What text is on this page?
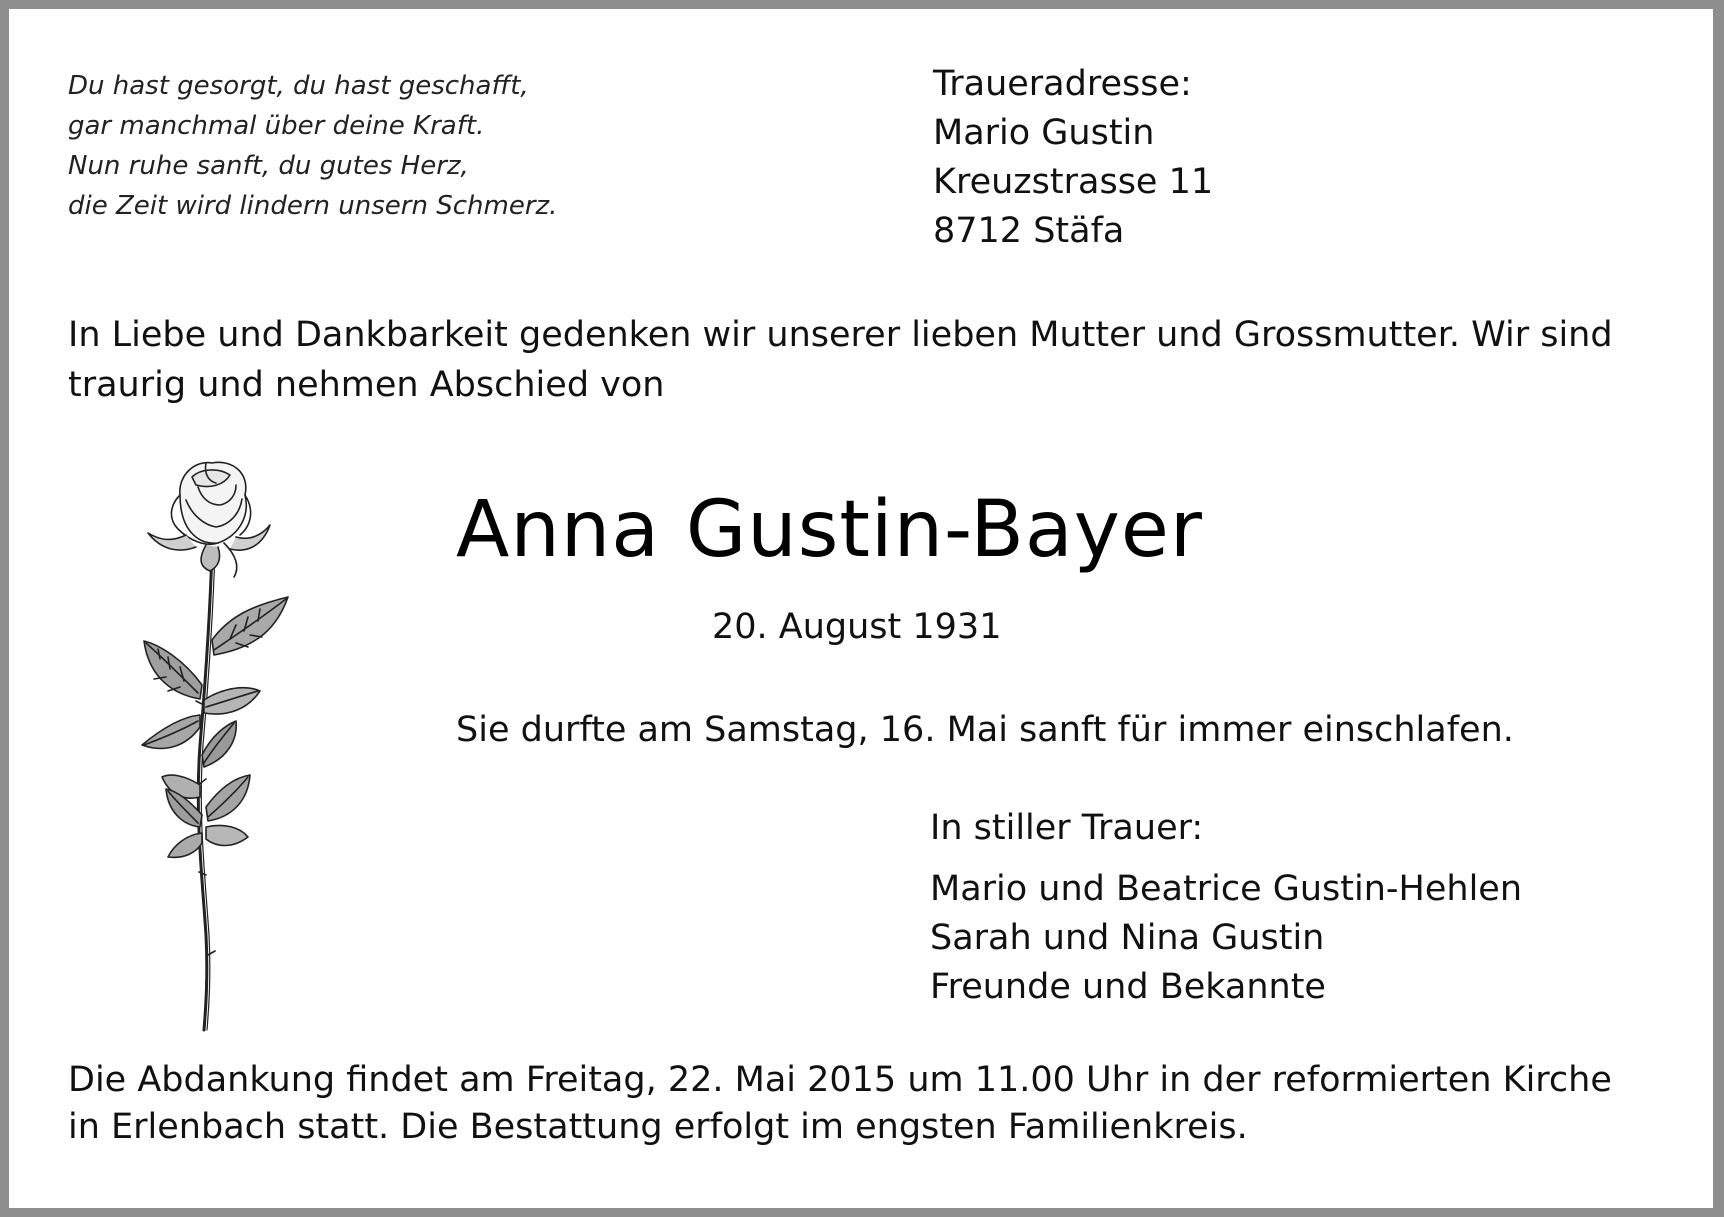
Du hast gesorgt, du hast geschafft,
gar manchmal über deine Kraft.
Nun ruhe sanft, du gutes Herz,
die Zeit wird lindern unsern Schmerz.
Traueradresse:
Mario Gustin
Kreuzstrasse 11
8712 Stäfa
In Liebe und Dankbarkeit gedenken wir unserer lieben Mutter und Grossmutter. Wir sind
traurig und nehmen Abschied von
Anna Gustin-Bayer
20. August 1931
Sie durfte am Samstag, 16. Mai sanft für immer einschlafen.
In stiller Trauer:
Mario und Beatrice Gustin-Hehlen
Sarah und Nina Gustin
Freunde und Bekannte
Die Abdankung findet am Freitag, 22. Mai 2015 um 11.00 Uhr in der reformierten Kirche
in Erlenbach statt. Die Bestattung erfolgt im engsten Familienkreis.
